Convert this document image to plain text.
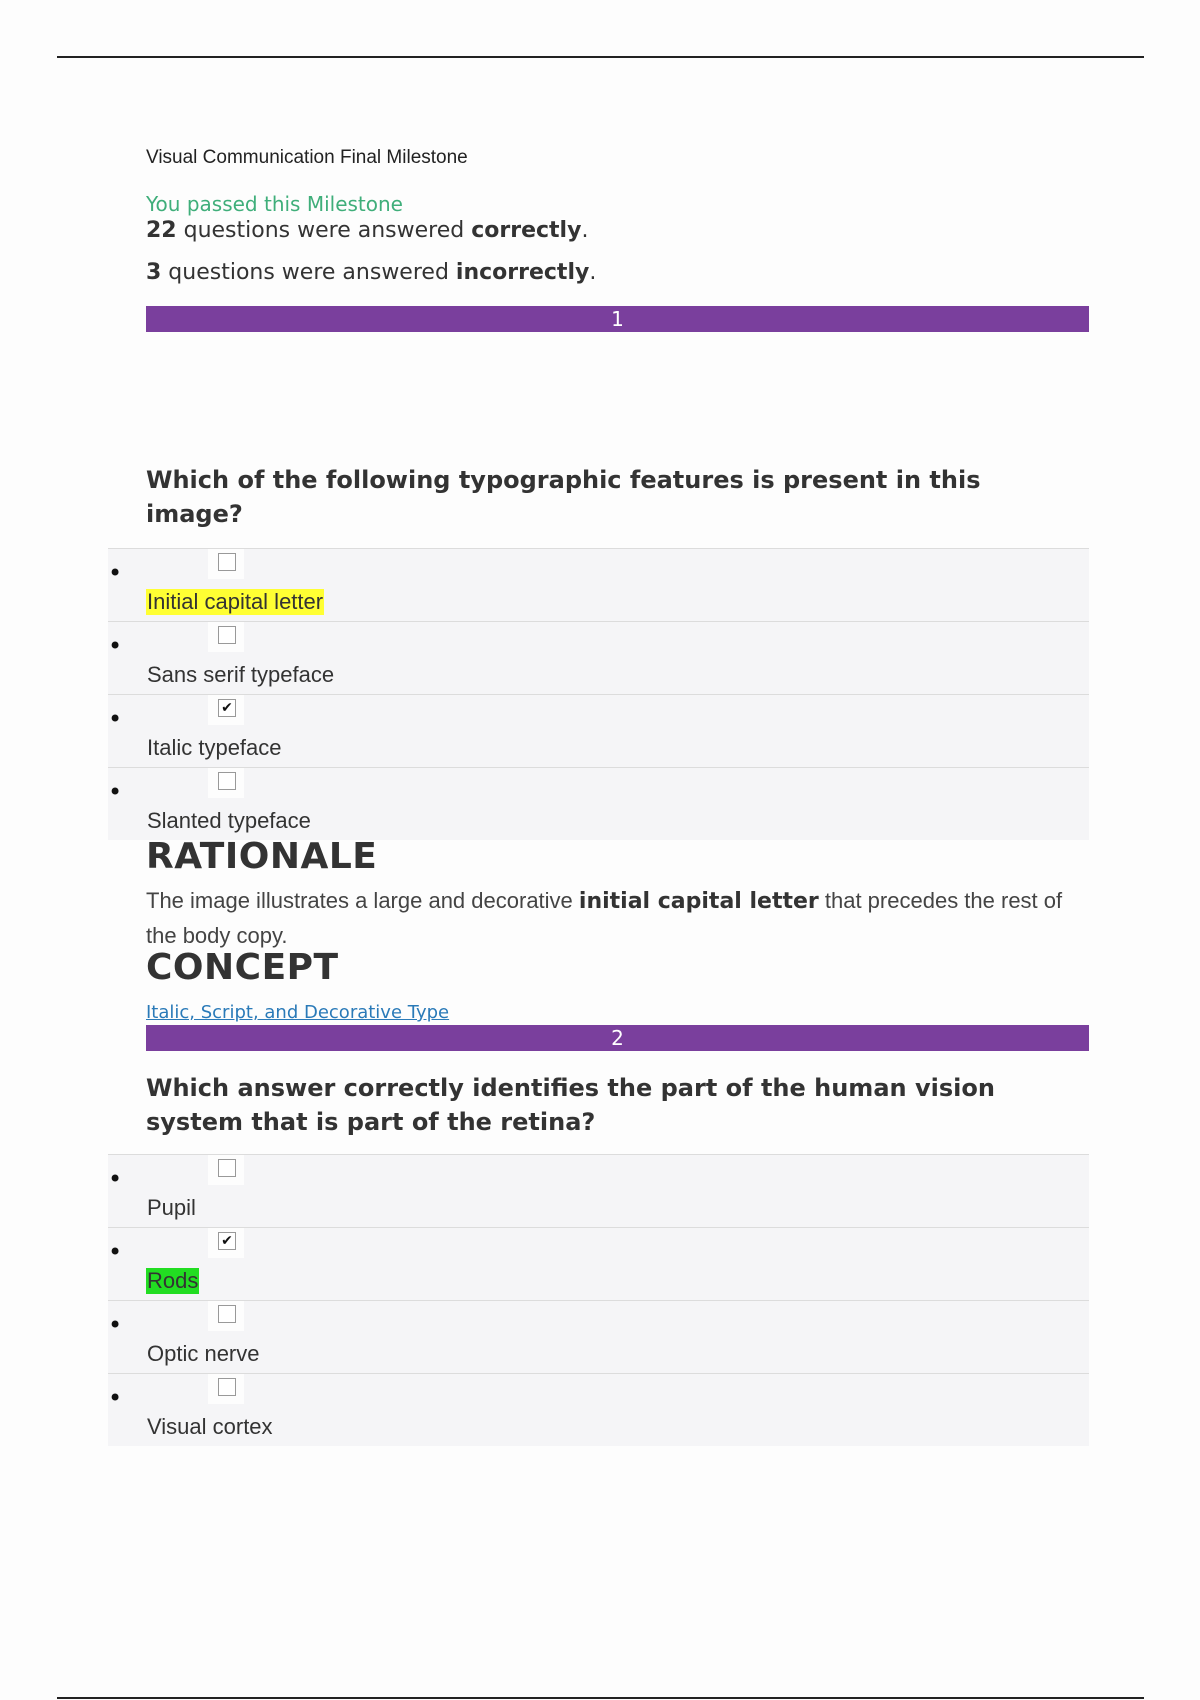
Visual Communication Final Milestone
You passed this Milestone
22 questions were answered correctly.
3 questions were answered incorrectly.
1
Which of the following typographic features is present in this image?
•
Initial capital letter
•
Sans serif typeface
•	✔
Italic typeface
•
Slanted typeface
RATIONALE
The image illustrates a large and decorative initial capital letter that precedes the rest of the body copy.
CONCEPT
Italic, Script, and Decorative Type
2
Which answer correctly identifies the part of the human vision system that is part of the retina?
•
Pupil
•	✔
Rods
•
Optic nerve
•
Visual cortex
